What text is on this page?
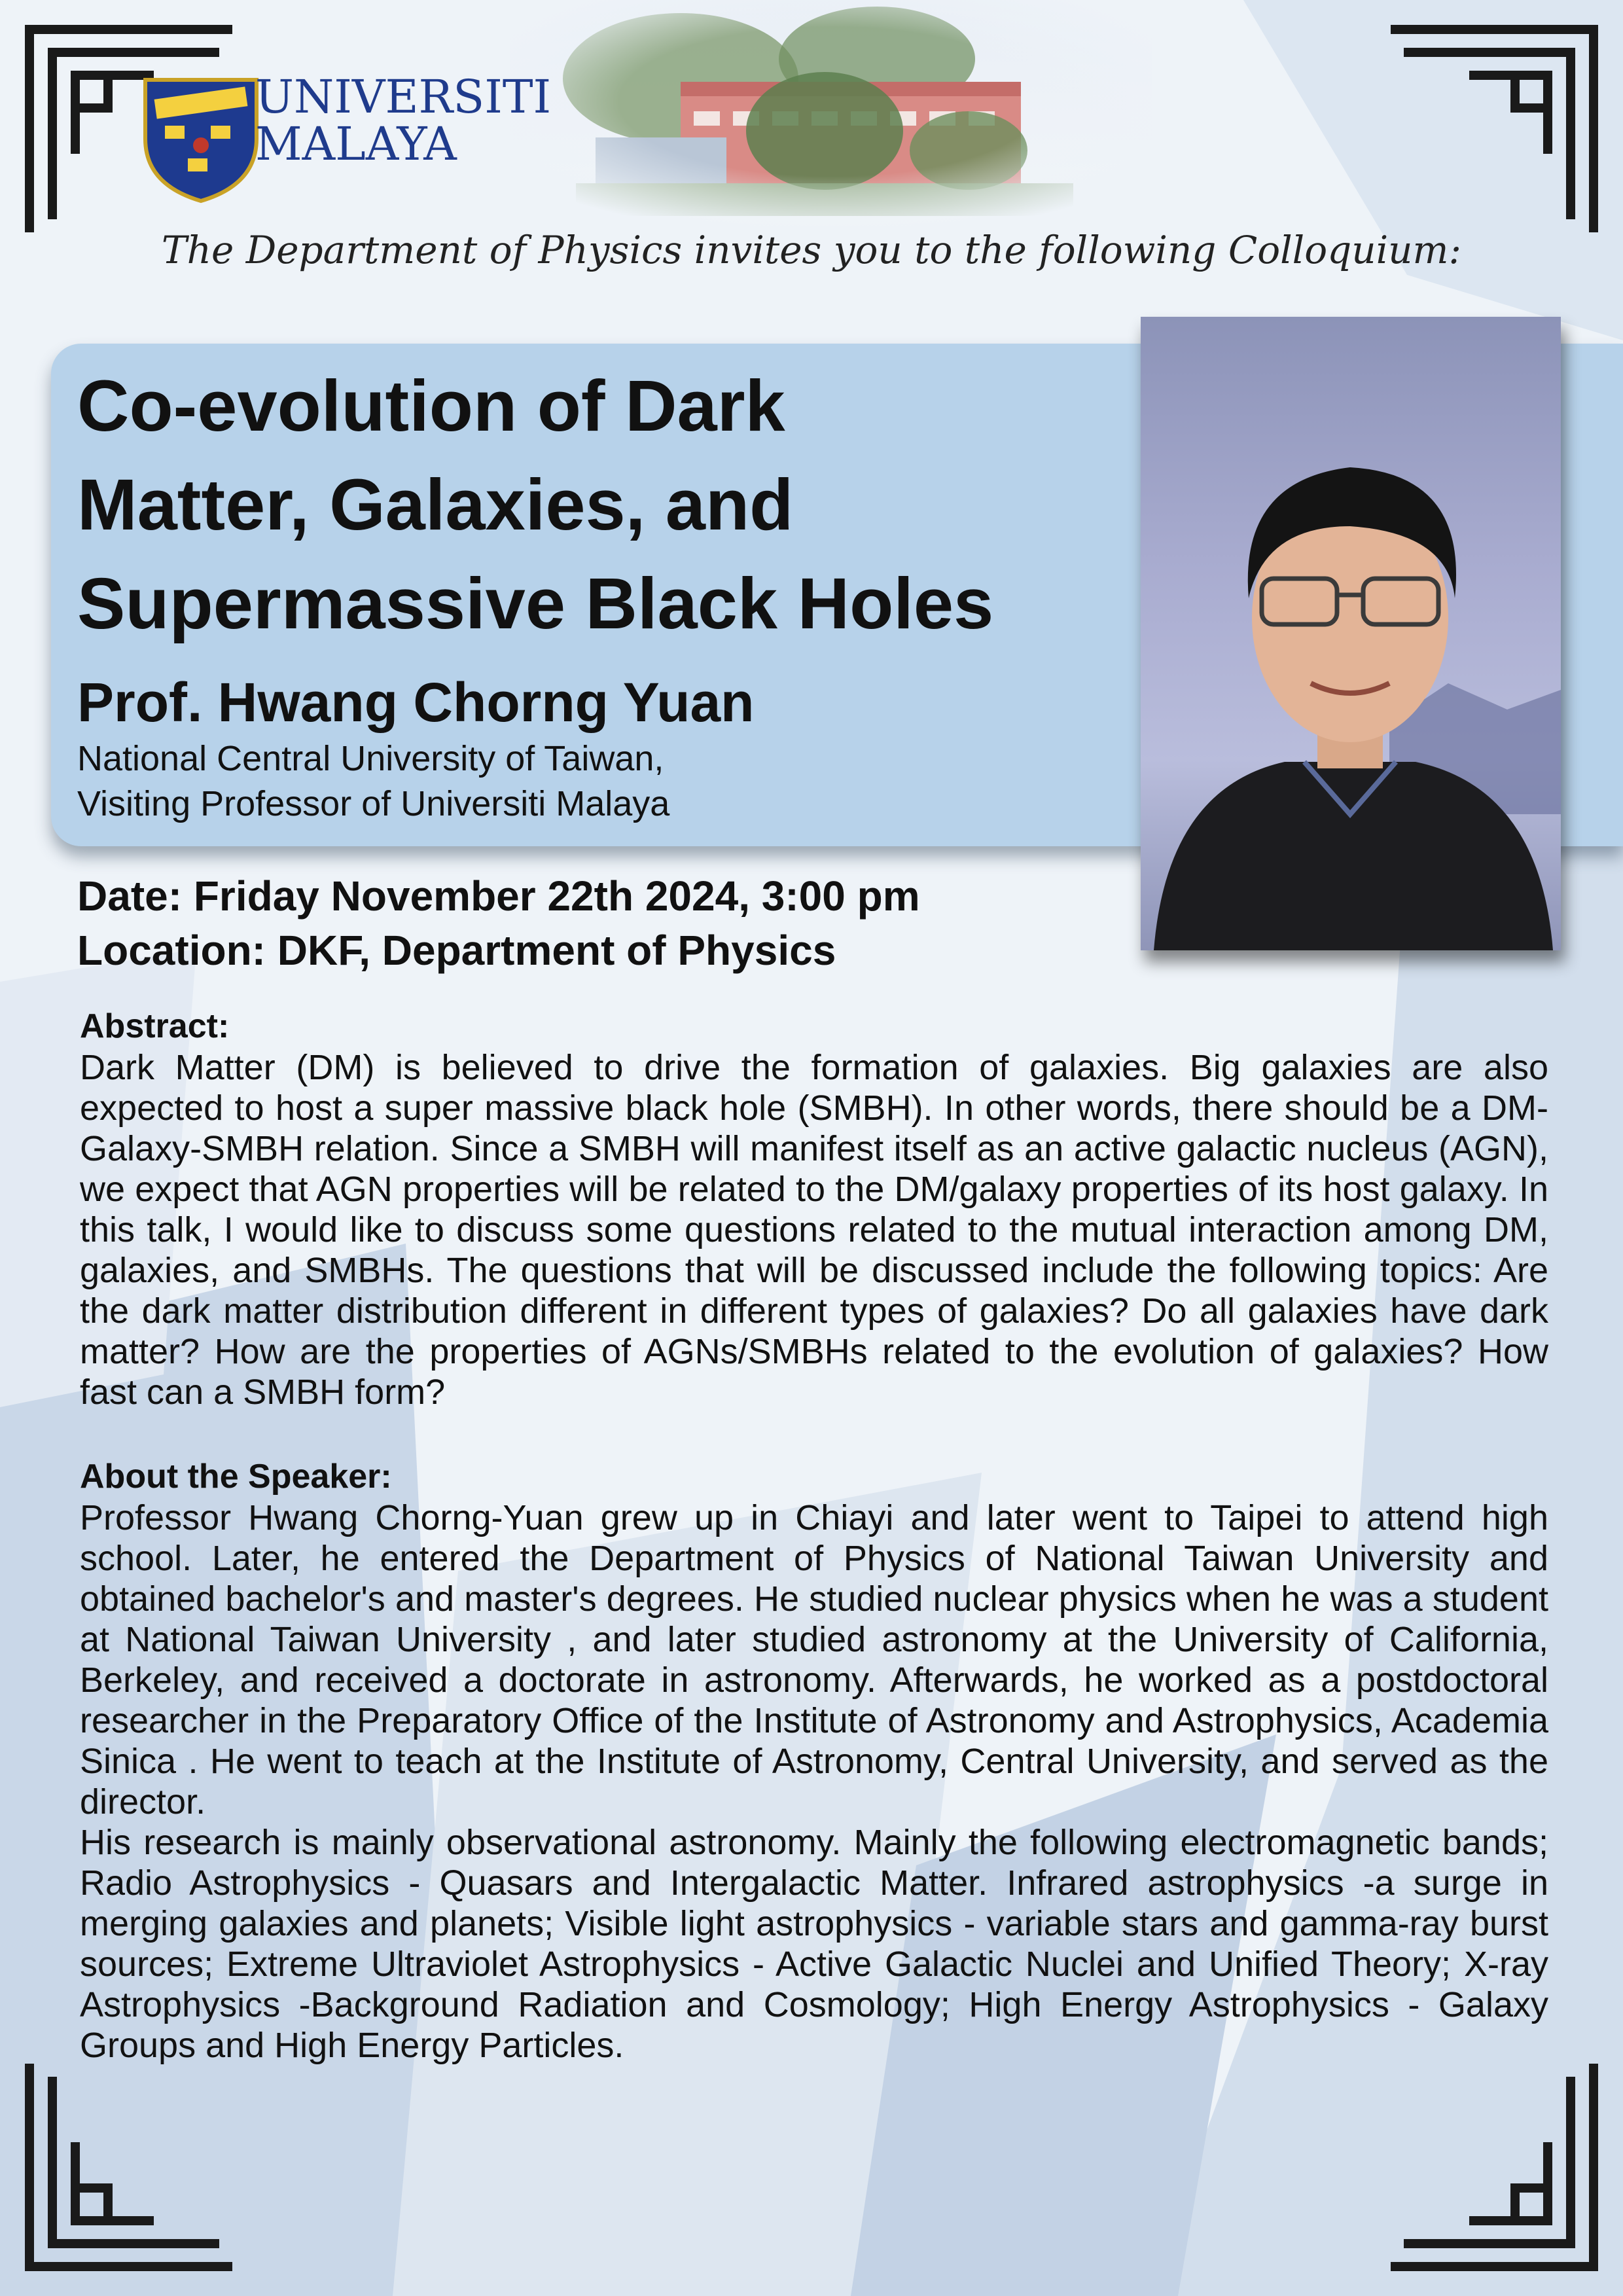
UNIVERSITI
MALAYA
The Department of Physics invites you to the following Colloquium:
Co-evolution of Dark
Matter, Galaxies, and
Supermassive Black Holes
Prof. Hwang Chorng Yuan
National Central University of Taiwan,
Visiting Professor of Universiti Malaya
Date: Friday November 22th 2024, 3:00 pm
Location: DKF, Department of Physics
Abstract:

Dark Matter (DM) is believed to drive the formation of galaxies. Big galaxies are also expected to host a super massive black hole (SMBH). In other words, there should be a DM-Galaxy-SMBH relation. Since a SMBH will manifest itself as an active galactic nucleus (AGN), we expect that AGN properties will be related to the DM/galaxy properties of its host galaxy. In this talk, I would like to discuss some questions related to the mutual interaction among DM, galaxies, and SMBHs. The questions that will be discussed include the following topics: Are the dark matter distribution different in different types of galaxies? Do all galaxies have dark matter? How are the properties of AGNs/SMBHs related to the evolution of galaxies? How fast can a SMBH form?

About the Speaker:

Professor Hwang Chorng-Yuan grew up in Chiayi and later went to Taipei to attend high school. Later, he entered the Department of Physics of National Taiwan University and obtained bachelor's and master's degrees. He studied nuclear physics when he was a student at National Taiwan University , and later studied astronomy at the University of California, Berkeley, and received a doctorate in astronomy. Afterwards, he worked as a postdoctoral researcher in the Preparatory Office of the Institute of Astronomy and Astrophysics, Academia Sinica . He went to teach at the Institute of Astronomy, Central University, and served as the director.

His research is mainly observational astronomy. Mainly the following electromagnetic bands; Radio Astrophysics - Quasars and Intergalactic Matter. Infrared astrophysics -a surge in merging galaxies and planets; Visible light astrophysics - variable stars and gamma-ray burst sources; Extreme Ultraviolet Astrophysics - Active Galactic Nuclei and Unified Theory; X-ray Astrophysics -Background Radiation and Cosmology; High Energy Astrophysics - Galaxy Groups and High Energy Particles.
